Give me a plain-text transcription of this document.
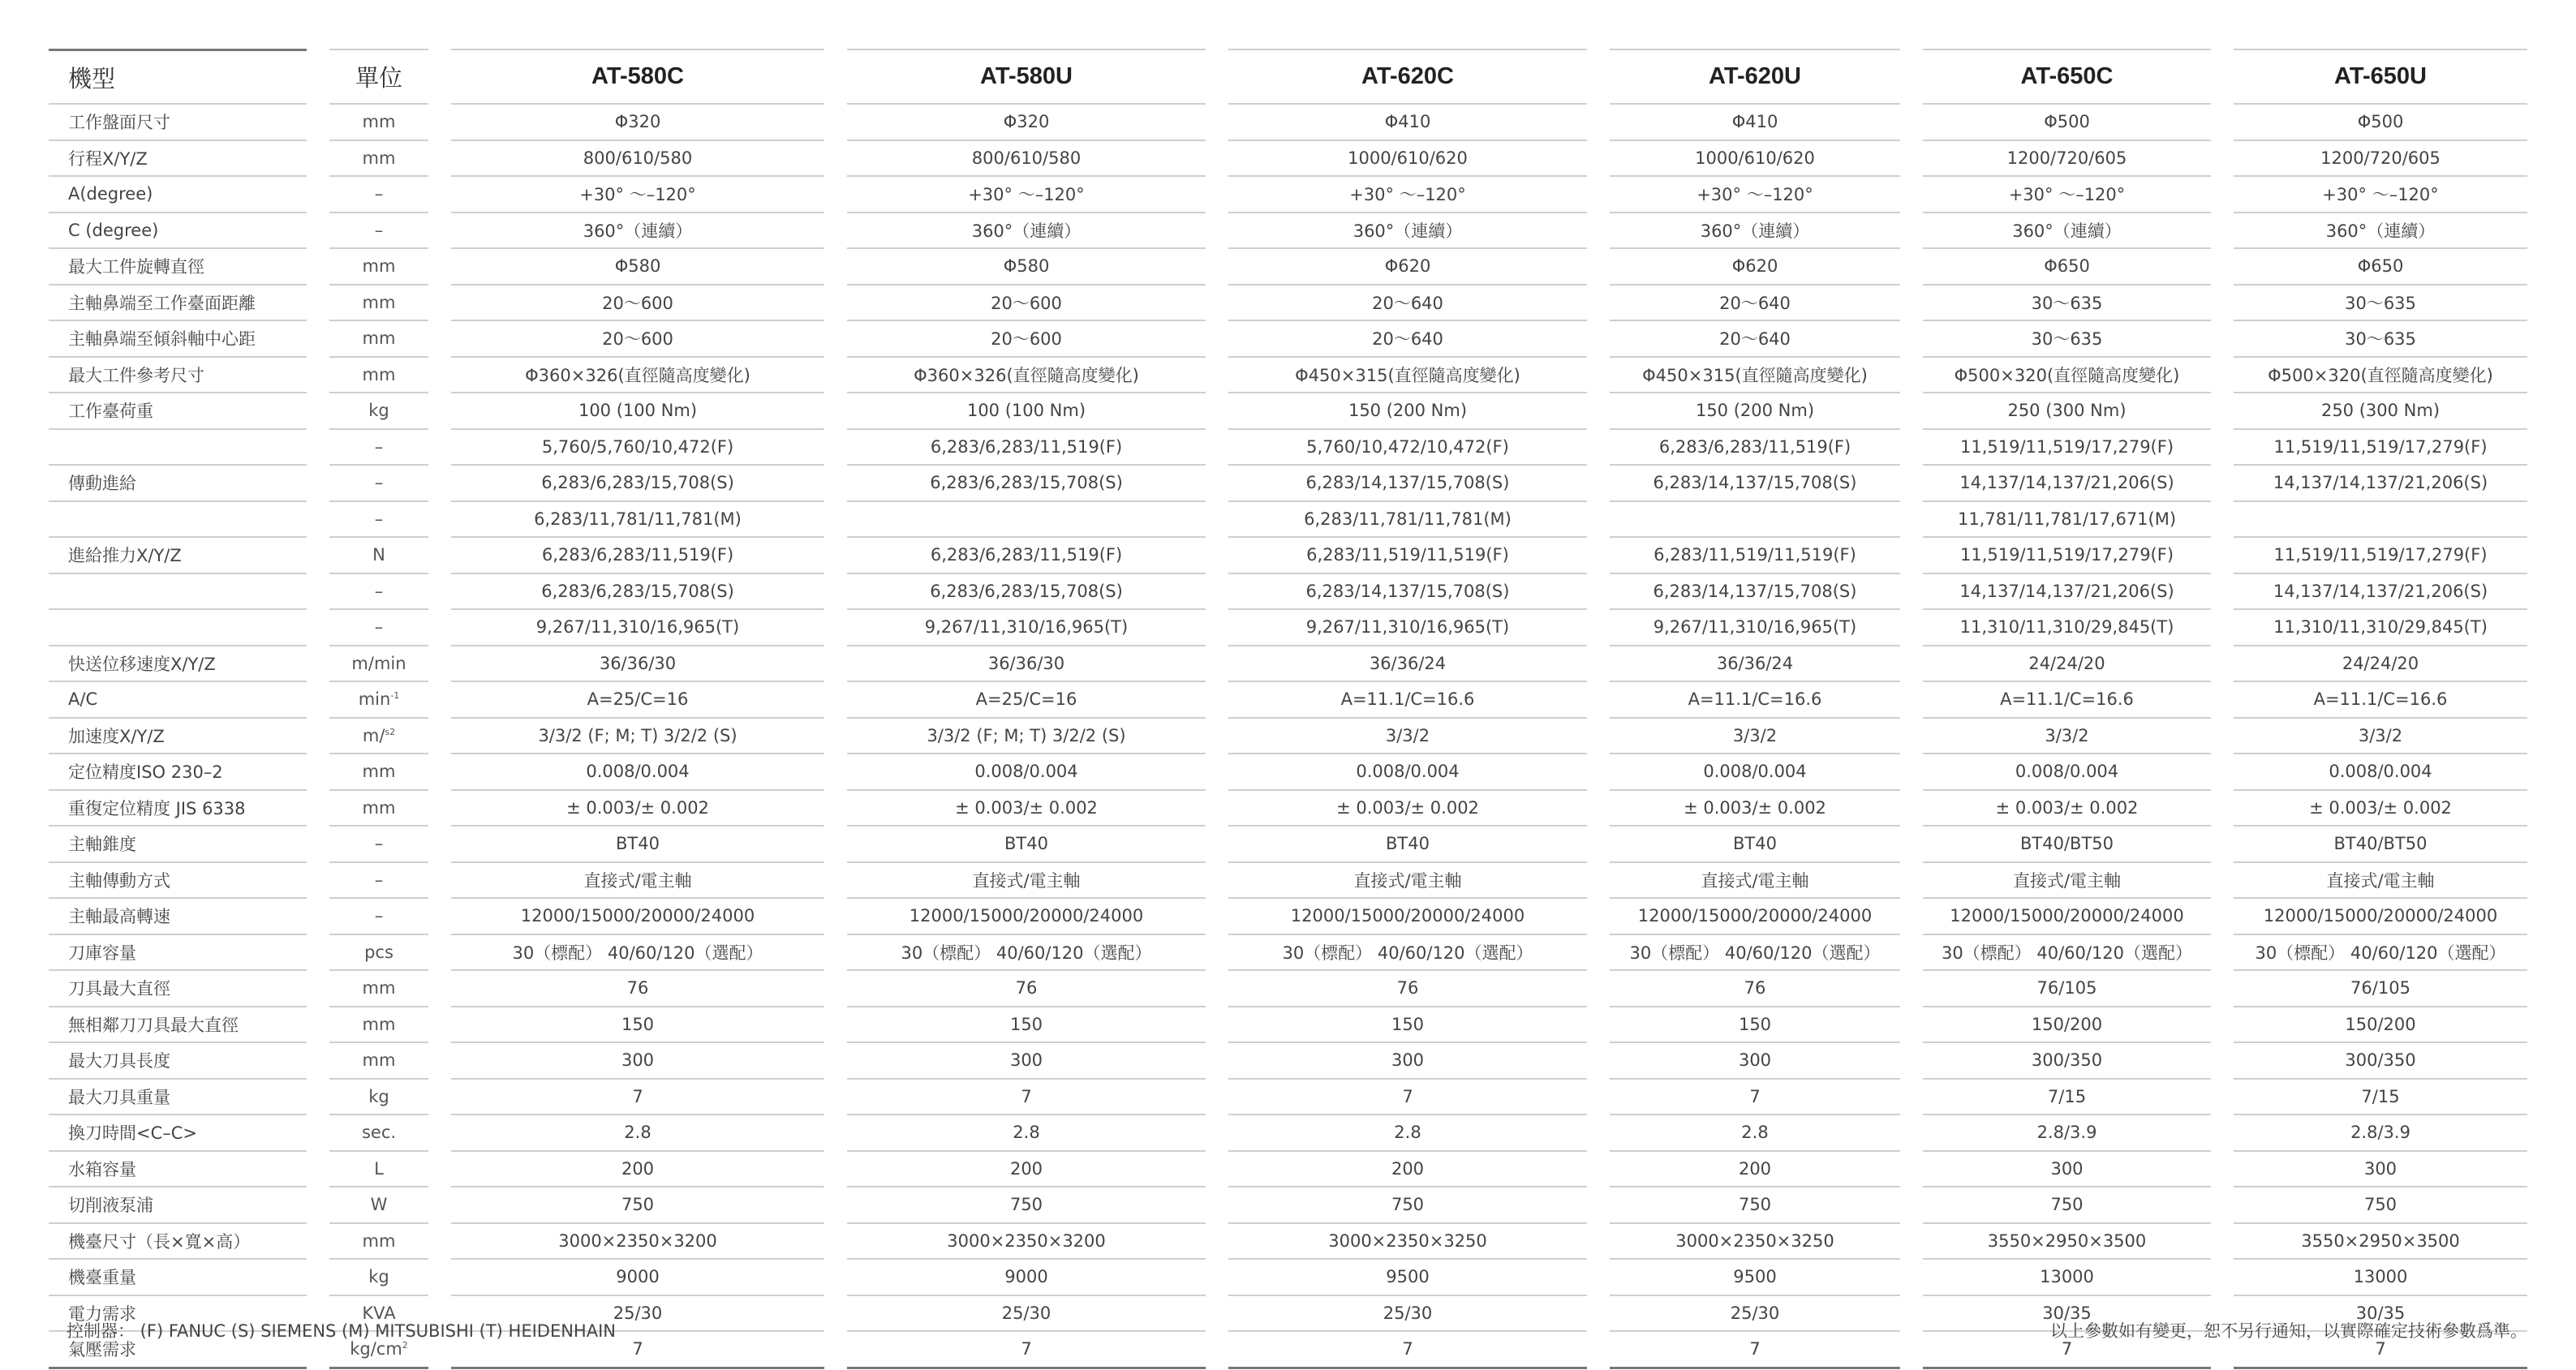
機型		單位		AT-580C		AT-580U		AT-620C		AT-620U		AT-650C		AT-650U
工作盤面尺寸		mm		Φ320		Φ320		Φ410		Φ410		Φ500		Φ500
行程X/Y/Z		mm		800/610/580		800/610/580		1000/610/620		1000/610/620		1200/720/605		1200/720/605
A(degree)		–		+30° ～–120°		+30° ～–120°		+30° ～–120°		+30° ～–120°		+30° ～–120°		+30° ～–120°
C (degree)		–		360°（連續）		360°（連續）		360°（連續）		360°（連續）		360°（連續）		360°（連續）
最大工件旋轉直徑		mm		Φ580		Φ580		Φ620		Φ620		Φ650		Φ650
主軸鼻端至工作臺面距離		mm		20～600		20～600		20～640		20～640		30～635		30～635
主軸鼻端至傾斜軸中心距		mm		20～600		20～600		20～640		20～640		30～635		30～635
最大工件參考尺寸		mm		Φ360×326(直徑隨高度變化)		Φ360×326(直徑隨高度變化)		Φ450×315(直徑隨高度變化)		Φ450×315(直徑隨高度變化)		Φ500×320(直徑隨高度變化)		Φ500×320(直徑隨高度變化)
工作臺荷重		kg		100 (100 Nm)		100 (100 Nm)		150 (200 Nm)		150 (200 Nm)		250 (300 Nm)		250 (300 Nm)
		–		5,760/5,760/10,472(F)		6,283/6,283/11,519(F)		5,760/10,472/10,472(F)		6,283/6,283/11,519(F)		11,519/11,519/17,279(F)		11,519/11,519/17,279(F)
傳動進給		–		6,283/6,283/15,708(S)		6,283/6,283/15,708(S)		6,283/14,137/15,708(S)		6,283/14,137/15,708(S)		14,137/14,137/21,206(S)		14,137/14,137/21,206(S)
		–		6,283/11,781/11,781(M)				6,283/11,781/11,781(M)				11,781/11,781/17,671(M)		
進給推力X/Y/Z		N		6,283/6,283/11,519(F)		6,283/6,283/11,519(F)		6,283/11,519/11,519(F)		6,283/11,519/11,519(F)		11,519/11,519/17,279(F)		11,519/11,519/17,279(F)
		–		6,283/6,283/15,708(S)		6,283/6,283/15,708(S)		6,283/14,137/15,708(S)		6,283/14,137/15,708(S)		14,137/14,137/21,206(S)		14,137/14,137/21,206(S)
		–		9,267/11,310/16,965(T)		9,267/11,310/16,965(T)		9,267/11,310/16,965(T)		9,267/11,310/16,965(T)		11,310/11,310/29,845(T)		11,310/11,310/29,845(T)
快送位移速度X/Y/Z		m/min		36/36/30		36/36/30		36/36/24		36/36/24		24/24/20		24/24/20
A/C		$\min^{-1}$		A=25/C=16		A=25/C=16		A=11.1/C=16.6		A=11.1/C=16.6		A=11.1/C=16.6		A=11.1/C=16.6
加速度X/Y/Z		m/$^{s2}$		3/3/2 (F; M; T) 3/2/2 (S)		3/3/2 (F; M; T) 3/2/2 (S)		3/3/2		3/3/2		3/3/2		3/3/2
定位精度ISO 230–2		mm		0.008/0.004		0.008/0.004		0.008/0.004		0.008/0.004		0.008/0.004		0.008/0.004
重復定位精度 JIS 6338		mm		± 0.003/± 0.002		± 0.003/± 0.002		± 0.003/± 0.002		± 0.003/± 0.002		± 0.003/± 0.002		± 0.003/± 0.002
主軸錐度		–		BT40		BT40		BT40		BT40		BT40/BT50		BT40/BT50
主軸傳動方式		–		直接式/電主軸		直接式/電主軸		直接式/電主軸		直接式/電主軸		直接式/電主軸		直接式/電主軸
主軸最高轉速		–		12000/15000/20000/24000		12000/15000/20000/24000		12000/15000/20000/24000		12000/15000/20000/24000		12000/15000/20000/24000		12000/15000/20000/24000
刀庫容量		pcs		30（標配） 40/60/120（選配）		30（標配） 40/60/120（選配）		30（標配） 40/60/120（選配）		30（標配） 40/60/120（選配）		30（標配） 40/60/120（選配）		30（標配） 40/60/120（選配）
刀具最大直徑		mm		76		76		76		76		76/105		76/105
無相鄰刀刀具最大直徑		mm		150		150		150		150		150/200		150/200
最大刀具長度		mm		300		300		300		300		300/350		300/350
最大刀具重量		kg		7		7		7		7		7/15		7/15
換刀時間<C–C>		sec.		2.8		2.8		2.8		2.8		2.8/3.9		2.8/3.9
水箱容量		L		200		200		200		200		300		300
切削液泵浦		W		750		750		750		750		750		750
機臺尺寸（長×寬×高）		mm		3000×2350×3200		3000×2350×3200		3000×2350×3250		3000×2350×3250		3550×2950×3500		3550×2950×3500
機臺重量		kg		9000		9000		9500		9500		13000		13000
電力需求		KVA		25/30		25/30		25/30		25/30		30/35		30/35
氣壓需求		$kg/cm^2$		7		7		7		7		7		7
控制器： (F) FANUC (S) SIEMENS (M) MITSUBISHI (T) HEIDENHAIN	以上參數如有變更，恕不另行通知，以實際確定技術參數爲準。
